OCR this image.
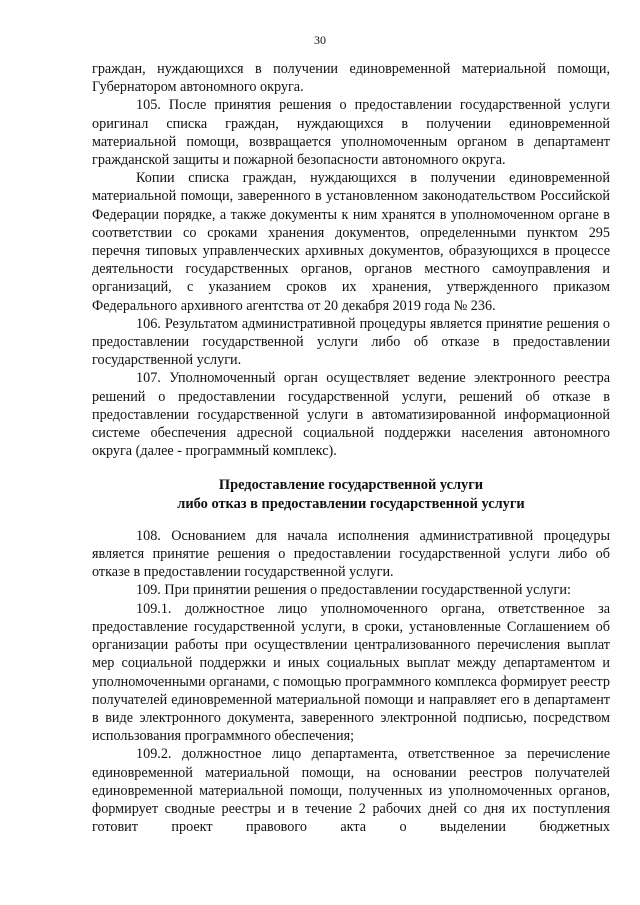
30

граждан, нуждающихся в получении единовременной материальной помощи, Губернатором автономного округа.

105. После принятия решения о предоставлении государственной услуги оригинал списка граждан, нуждающихся в получении единовременной материальной помощи, возвращается уполномоченным органом в департамент гражданской защиты и пожарной безопасности автономного округа.

Копии списка граждан, нуждающихся в получении единовременной материальной помощи, заверенного в установленном законодательством Российской Федерации порядке, а также документы к ним хранятся в уполномоченном органе в соответствии со сроками хранения документов, определенными пунктом 295 перечня типовых управленческих архивных документов, образующихся в процессе деятельности государственных органов, органов местного самоуправления и организаций, с указанием сроков их хранения, утвержденного приказом Федерального архивного агентства от 20 декабря 2019 года № 236.

106. Результатом административной процедуры является принятие решения о предоставлении государственной услуги либо об отказе в предоставлении государственной услуги.

107. Уполномоченный орган осуществляет ведение электронного реестра решений о предоставлении государственной услуги, решений об отказе в предоставлении государственной услуги в автоматизированной информационной системе обеспечения адресной социальной поддержки населения автономного округа (далее - программный комплекс).

Предоставление государственной услуги
либо отказ в предоставлении государственной услуги

108. Основанием для начала исполнения административной процедуры является принятие решения о предоставлении государственной услуги либо об отказе в предоставлении государственной услуги.

109. При принятии решения о предоставлении государственной услуги:

109.1. должностное лицо уполномоченного органа, ответственное за предоставление государственной услуги, в сроки, установленные Соглашением об организации работы при осуществлении централизованного перечисления выплат мер социальной поддержки и иных социальных выплат между департаментом и уполномоченными органами, с помощью программного комплекса формирует реестр получателей единовременной материальной помощи и направляет его в департамент в виде электронного документа, заверенного электронной подписью, посредством использования программного обеспечения;

109.2. должностное лицо департамента, ответственное за перечисление единовременной материальной помощи, на основании реестров получателей единовременной материальной помощи, полученных из уполномоченных органов, формирует сводные реестры и в течение 2 рабочих дней со дня их поступления готовит проект правового акта о выделении бюджетных
